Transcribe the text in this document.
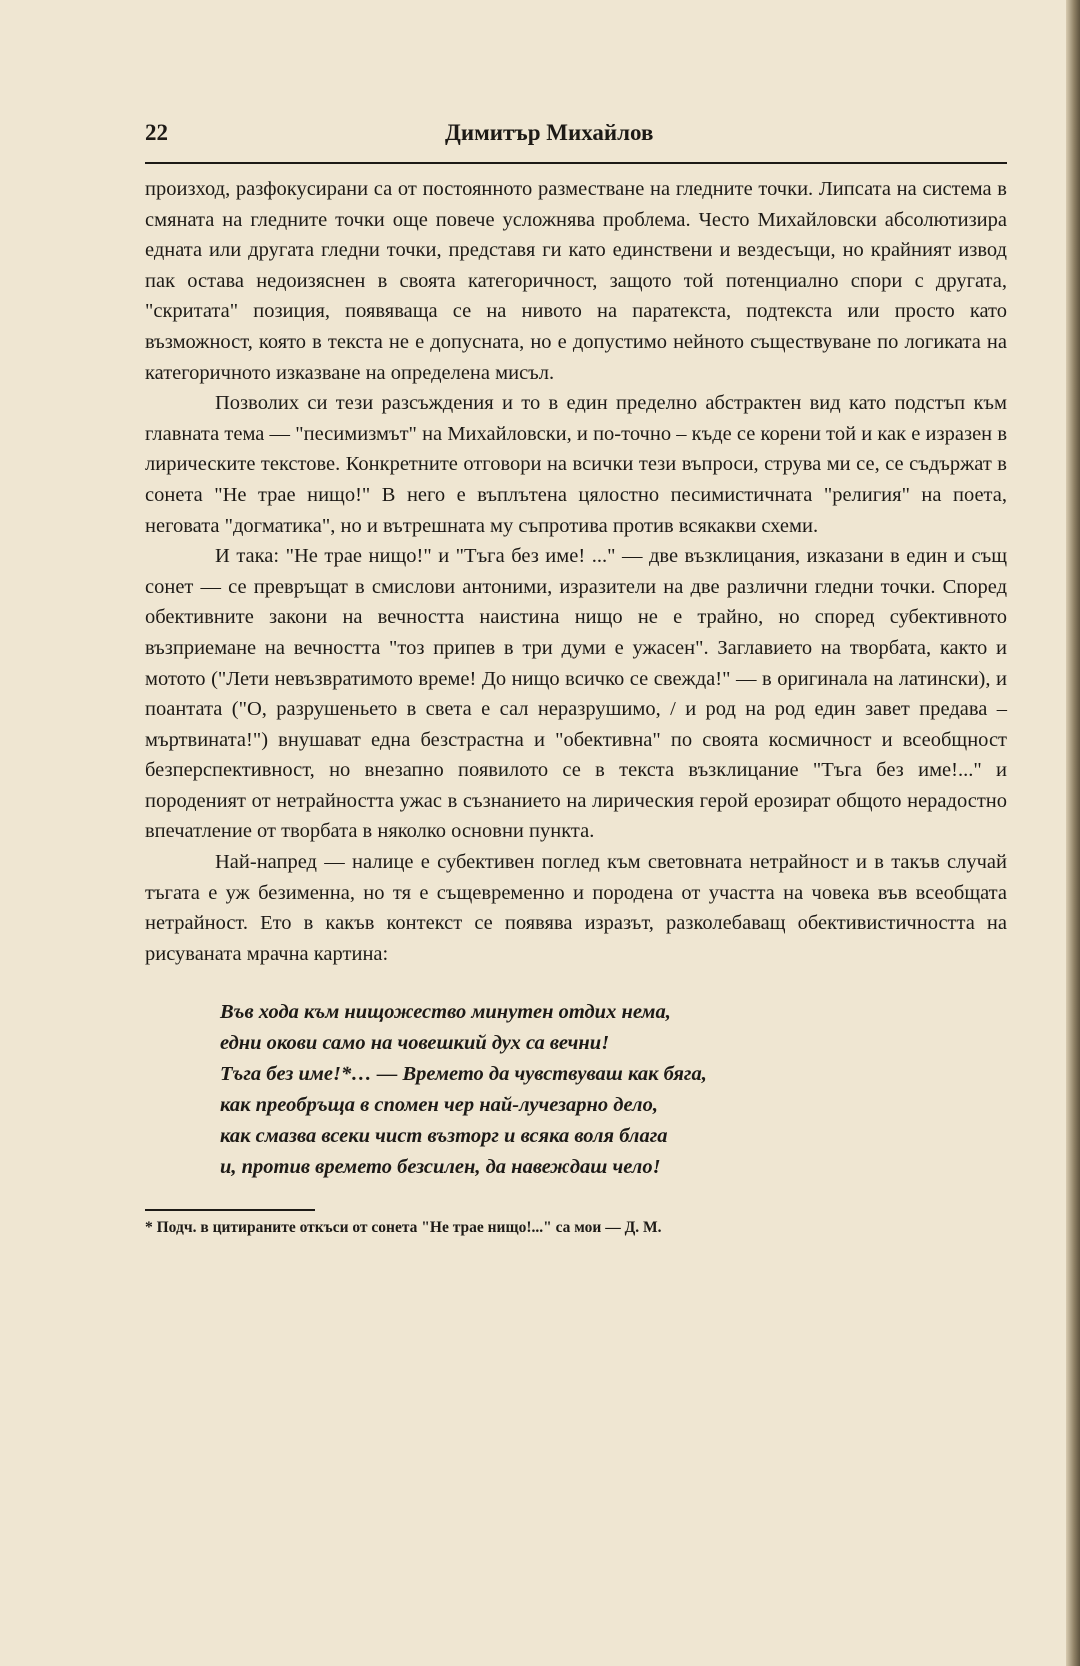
22	Димитър Михайлов

произход, разфокусирани са от постоянното разместване на гледните точки. Липсата на система в смяната на гледните точки още повече усложнява проблема. Често Михайловски абсолютизира едната или другата гледни точки, представя ги като единствени и вездесъщи, но крайният извод пак остава недоизяснен в своята категоричност, защото той потенциално спори с другата, "скритата" позиция, появяваща се на нивото на паратекста, подтекста или просто като възможност, която в текста не е допусната, но е допустимо нейното съществуване по логиката на категоричното изказване на определена мисъл.

Позволих си тези разсъждения и то в един пределно абстрактен вид като подстъп към главната тема — "песимизмът" на Михайловски, и по-точно – къде се корени той и как е изразен в лирическите текстове. Конкретните отговори на всички тези въпроси, струва ми се, се съдържат в сонета "Не трае нищо!" В него е въплътена цялостно песимистичната "религия" на поета, неговата "догматика", но и вътрешната му съпротива против всякакви схеми.

И така: "Не трае нищо!" и "Тъга без име! ..." — две възклицания, изказани в един и същ сонет — се превръщат в смислови антоними, изразители на две различни гледни точки. Според обективните закони на вечността наистина нищо не е трайно, но според субективното възприемане на вечността "тоз припев в три думи е ужасен". Заглавието на творбата, както и мотото ("Лети невъзвратимото време! До нищо всичко се свежда!" — в оригинала на латински), и поантата ("О, разрушеньето в света е сал неразрушимо, / и род на род един завет предава – мъртвината!") внушават една безстрастна и "обективна" по своята космичност и всеобщност безперспективност, но внезапно появилото се в текста възклицание "Тъга без име!..." и породеният от нетрайността ужас в съзнанието на лирическия герой ерозират общото нерадостно впечатление от творбата в няколко основни пункта.

Най-напред — налице е субективен поглед към световната нетрайност и в такъв случай тъгата е уж безименна, но тя е същевременно и породена от участта на човека във всеобщата нетрайност. Ето в какъв контекст се появява изразът, разколебаващ обективистичността на рисуваната мрачна картина:

Във хода към нищожество минутен отдих нема,
едни окови само на човешкий дух са вечни!
Тъга без име!*… — Времето да чувствуваш как бяга,
как преобръща в спомен чер най-лучезарно дело,
как смазва всеки чист възторг и всяка воля блага
и, против времето безсилен, да навеждаш чело!
* Подч. в цитираните откъси от сонета "Не трае нищо!..." са мои — Д. М.
